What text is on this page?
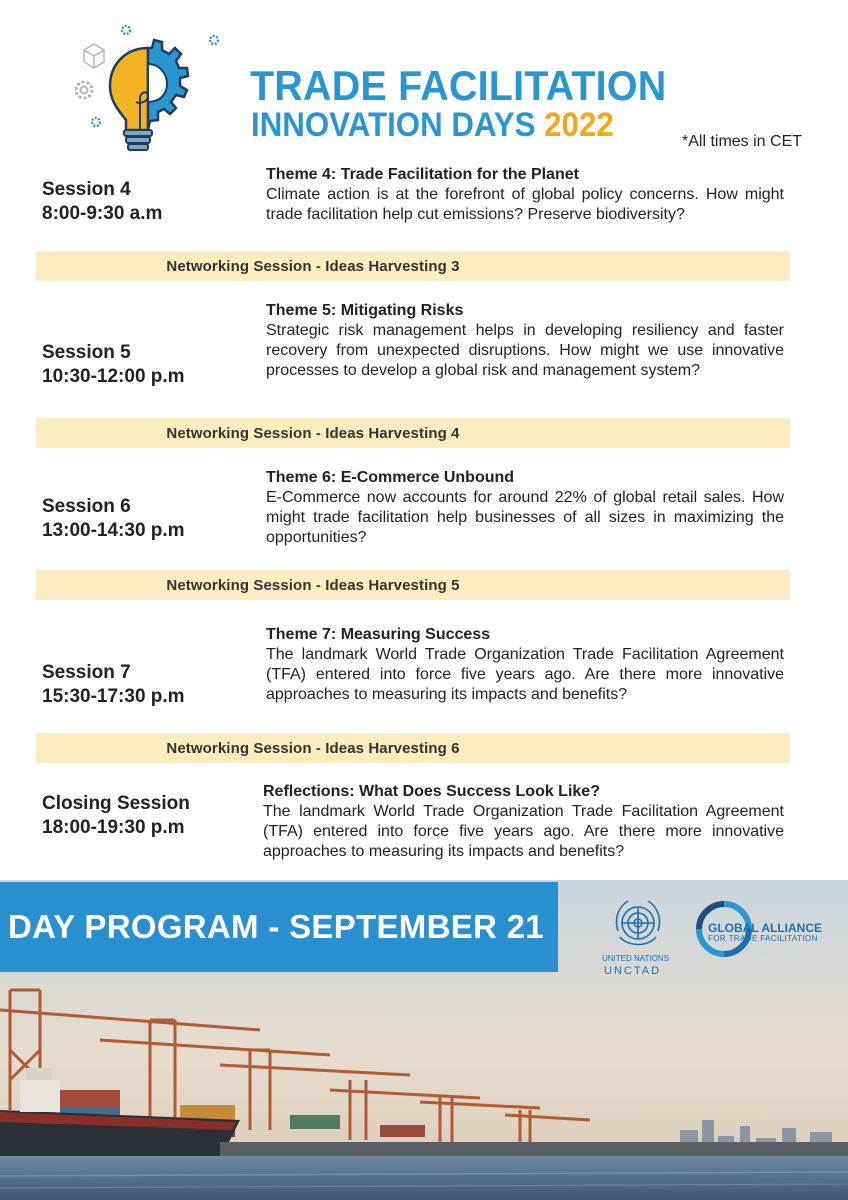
TRADE FACILITATION
INNOVATION DAYS 2022	*All times in CET
Session 4
8:00-9:30 a.m
Theme 4: Trade Facilitation for the Planet
Climate action is at the forefront of global policy concerns. How might trade facilitation help cut emissions? Preserve biodiversity?
Networking Session - Ideas Harvesting 3
Session 5
10:30-12:00 p.m
Theme 5: Mitigating Risks
Strategic risk management helps in developing resiliency and faster recovery from unexpected disruptions. How might we use innovative processes to develop a global risk and management system?
Networking Session - Ideas Harvesting 4
Session 6
13:00-14:30 p.m
Theme 6: E-Commerce Unbound
E-Commerce now accounts for around 22% of global retail sales. How might trade facilitation help businesses of all sizes in maximizing the opportunities?
Networking Session - Ideas Harvesting 5
Session 7
15:30-17:30 p.m
Theme 7: Measuring Success
The landmark World Trade Organization Trade Facilitation Agreement (TFA) entered into force five years ago. Are there more innovative approaches to measuring its impacts and benefits?
Networking Session - Ideas Harvesting 6
Closing Session
18:00-19:30 p.m
Reflections: What Does Success Look Like?
The landmark World Trade Organization Trade Facilitation Agreement (TFA) entered into force five years ago. Are there more innovative approaches to measuring its impacts and benefits?
DAY PROGRAM - SEPTEMBER 21
UNITED NATIONS
UNCTAD
GLOBAL ALLIANCE
FOR TRADE FACILITATION
